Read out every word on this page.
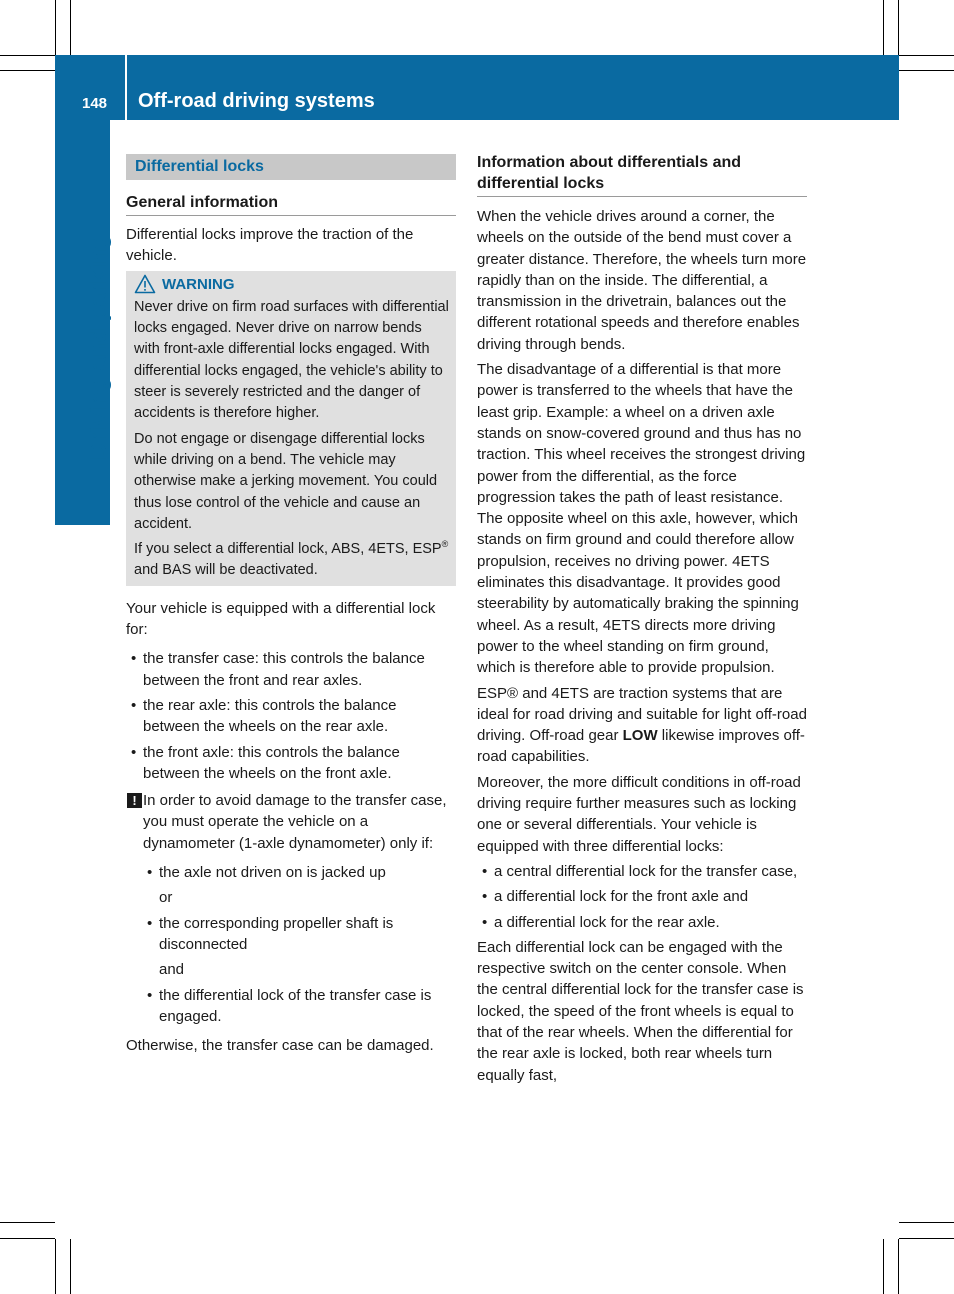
148 Off-road driving systems
Driving and parking
Differential locks
General information

Differential locks improve the traction of the vehicle.

WARNING

Never drive on firm road surfaces with differential locks engaged. Never drive on narrow bends with front-axle differential locks engaged. With differential locks engaged, the vehicle's ability to steer is severely restricted and the danger of accidents is therefore higher.

Do not engage or disengage differential locks while driving on a bend. The vehicle may otherwise make a jerking movement. You could thus lose control of the vehicle and cause an accident.

If you select a differential lock, ABS, 4ETS, ESP® and BAS will be deactivated.

Your vehicle is equipped with a differential lock for:

• the transfer case: this controls the balance between the front and rear axles.
• the rear axle: this controls the balance between the wheels on the rear axle.
• the front axle: this controls the balance between the wheels on the front axle.
! In order to avoid damage to the transfer case, you must operate the vehicle on a dynamometer (1-axle dynamometer) only if:
• the axle not driven on is jacked up

or

• the corresponding propeller shaft is disconnected

and

• the differential lock of the transfer case is engaged.

Otherwise, the transfer case can be damaged.

Information about differentials and differential locks

When the vehicle drives around a corner, the wheels on the outside of the bend must cover a greater distance. Therefore, the wheels turn more rapidly than on the inside. The differential, a transmission in the drivetrain, balances out the different rotational speeds and therefore enables driving through bends.

The disadvantage of a differential is that more power is transferred to the wheels that have the least grip. Example: a wheel on a driven axle stands on snow-covered ground and thus has no traction. This wheel receives the strongest driving power from the differential, as the force progression takes the path of least resistance. The opposite wheel on this axle, however, which stands on firm ground and could therefore allow propulsion, receives no driving power. 4ETS eliminates this disadvantage. It provides good steerability by automatically braking the spinning wheel. As a result, 4ETS directs more driving power to the wheel standing on firm ground, which is therefore able to provide propulsion.

ESP® and 4ETS are traction systems that are ideal for road driving and suitable for light off-road driving. Off-road gear LOW likewise improves off-road capabilities.

Moreover, the more difficult conditions in off-road driving require further measures such as locking one or several differentials. Your vehicle is equipped with three differential locks:

• a central differential lock for the transfer case,
• a differential lock for the front axle and
• a differential lock for the rear axle.

Each differential lock can be engaged with the respective switch on the center console. When the central differential lock for the transfer case is locked, the speed of the front wheels is equal to that of the rear wheels. When the differential for the rear axle is locked, both rear wheels turn equally fast,
